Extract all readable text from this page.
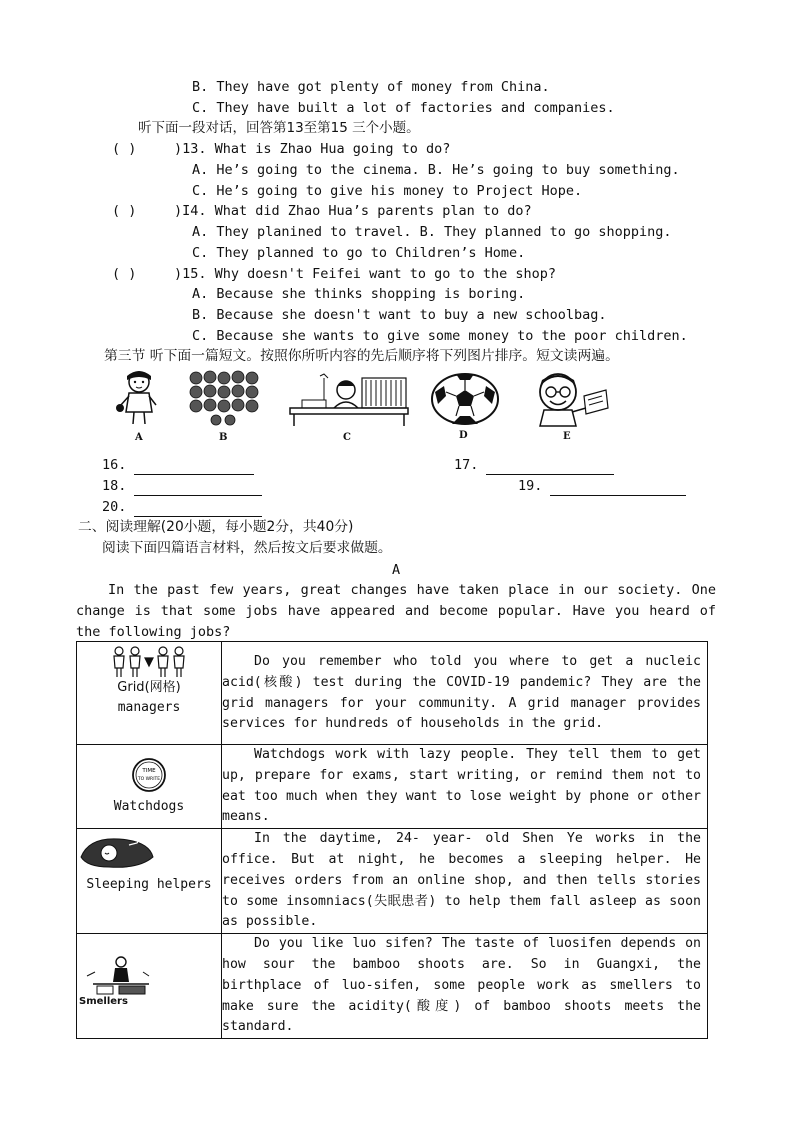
B. They have got plenty of money from China.
C. They have built a lot of factories and companies.
听下面一段对话，回答第13至第15 三个小题。
( )	)13. What is Zhao Hua going to do?
A. He’s going to the cinema. B. He’s going to buy something.
C. He’s going to give his money to Project Hope.
( )	)I4. What did Zhao Hua’s parents plan to do?
A. They planined to travel. B. They planned to go shopping.
C. They planned to go to Children’s Home.
( )	)15. Why doesn't Feifei want to go to the shop?
A. Because she thinks shopping is boring.
B. Because she doesn't want to buy a new schoolbag.
C. Because she wants to give some money to the poor children.
第三节 听下面一篇短文。按照你所听内容的先后顺序将下列图片排序。短文读两遍。
A	B	C	D	E
16.	17.
18.	19.
20.
二、阅读理解(20小题，每小题2分，共40分)
阅读下面四篇语言材料，然后按文后要求做题。
A
In the past few years, great changes have taken place in our society. One change is that some jobs have appeared and become popular. Have you heard of the following jobs?
Grid(网格)
managers	Do you remember who told you where to get a nucleic acid(核酸) test during the COVID-19 pandemic? They are the grid managers for your community. A grid manager provides services for hundreds of households in the grid.

TIME
TO WRITE
Watchdogs	Watchdogs work with lazy people. They tell them to get up, prepare for exams, start writing, or remind them not to eat too much when they want to lose weight by phone or other means.

Sleeping helpers	In the daytime, 24- year- old Shen Ye works in the office. But at night, he becomes a sleeping helper. He receives orders from an online shop, and then tells stories to some insomniacs(失眠患者) to help them fall asleep as soon as possible.

Smellers	Do you like luo sifen? The taste of luosifen depends on how sour the bamboo shoots are. So in Guangxi, the birthplace of luo-sifen, some people work as smellers to make sure the acidity(酸度) of bamboo shoots meets the standard.
